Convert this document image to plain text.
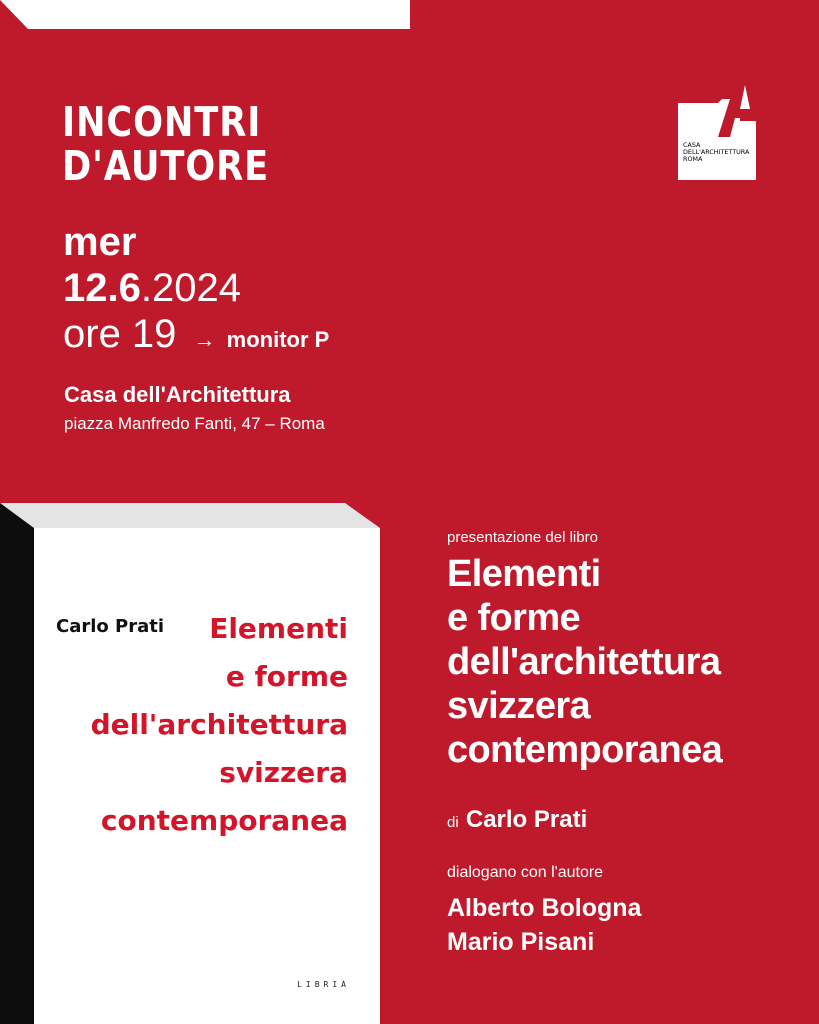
INCONTRI
D'AUTORE	CASA
DELL'ARCHITETTURA
ROMA
mer
12.6.2024
ore 19 → monitor P
Casa dell'Architettura
piazza Manfredo Fanti, 47 – Roma
Carlo Prati	Elementi
e forme
dell'architettura
svizzera
contemporanea
LIBRIA
presentazione del libro
Elementi
e forme
dell'architettura
svizzera
contemporanea
di Carlo Prati
dialogano con l'autore
Alberto Bologna
Mario Pisani
